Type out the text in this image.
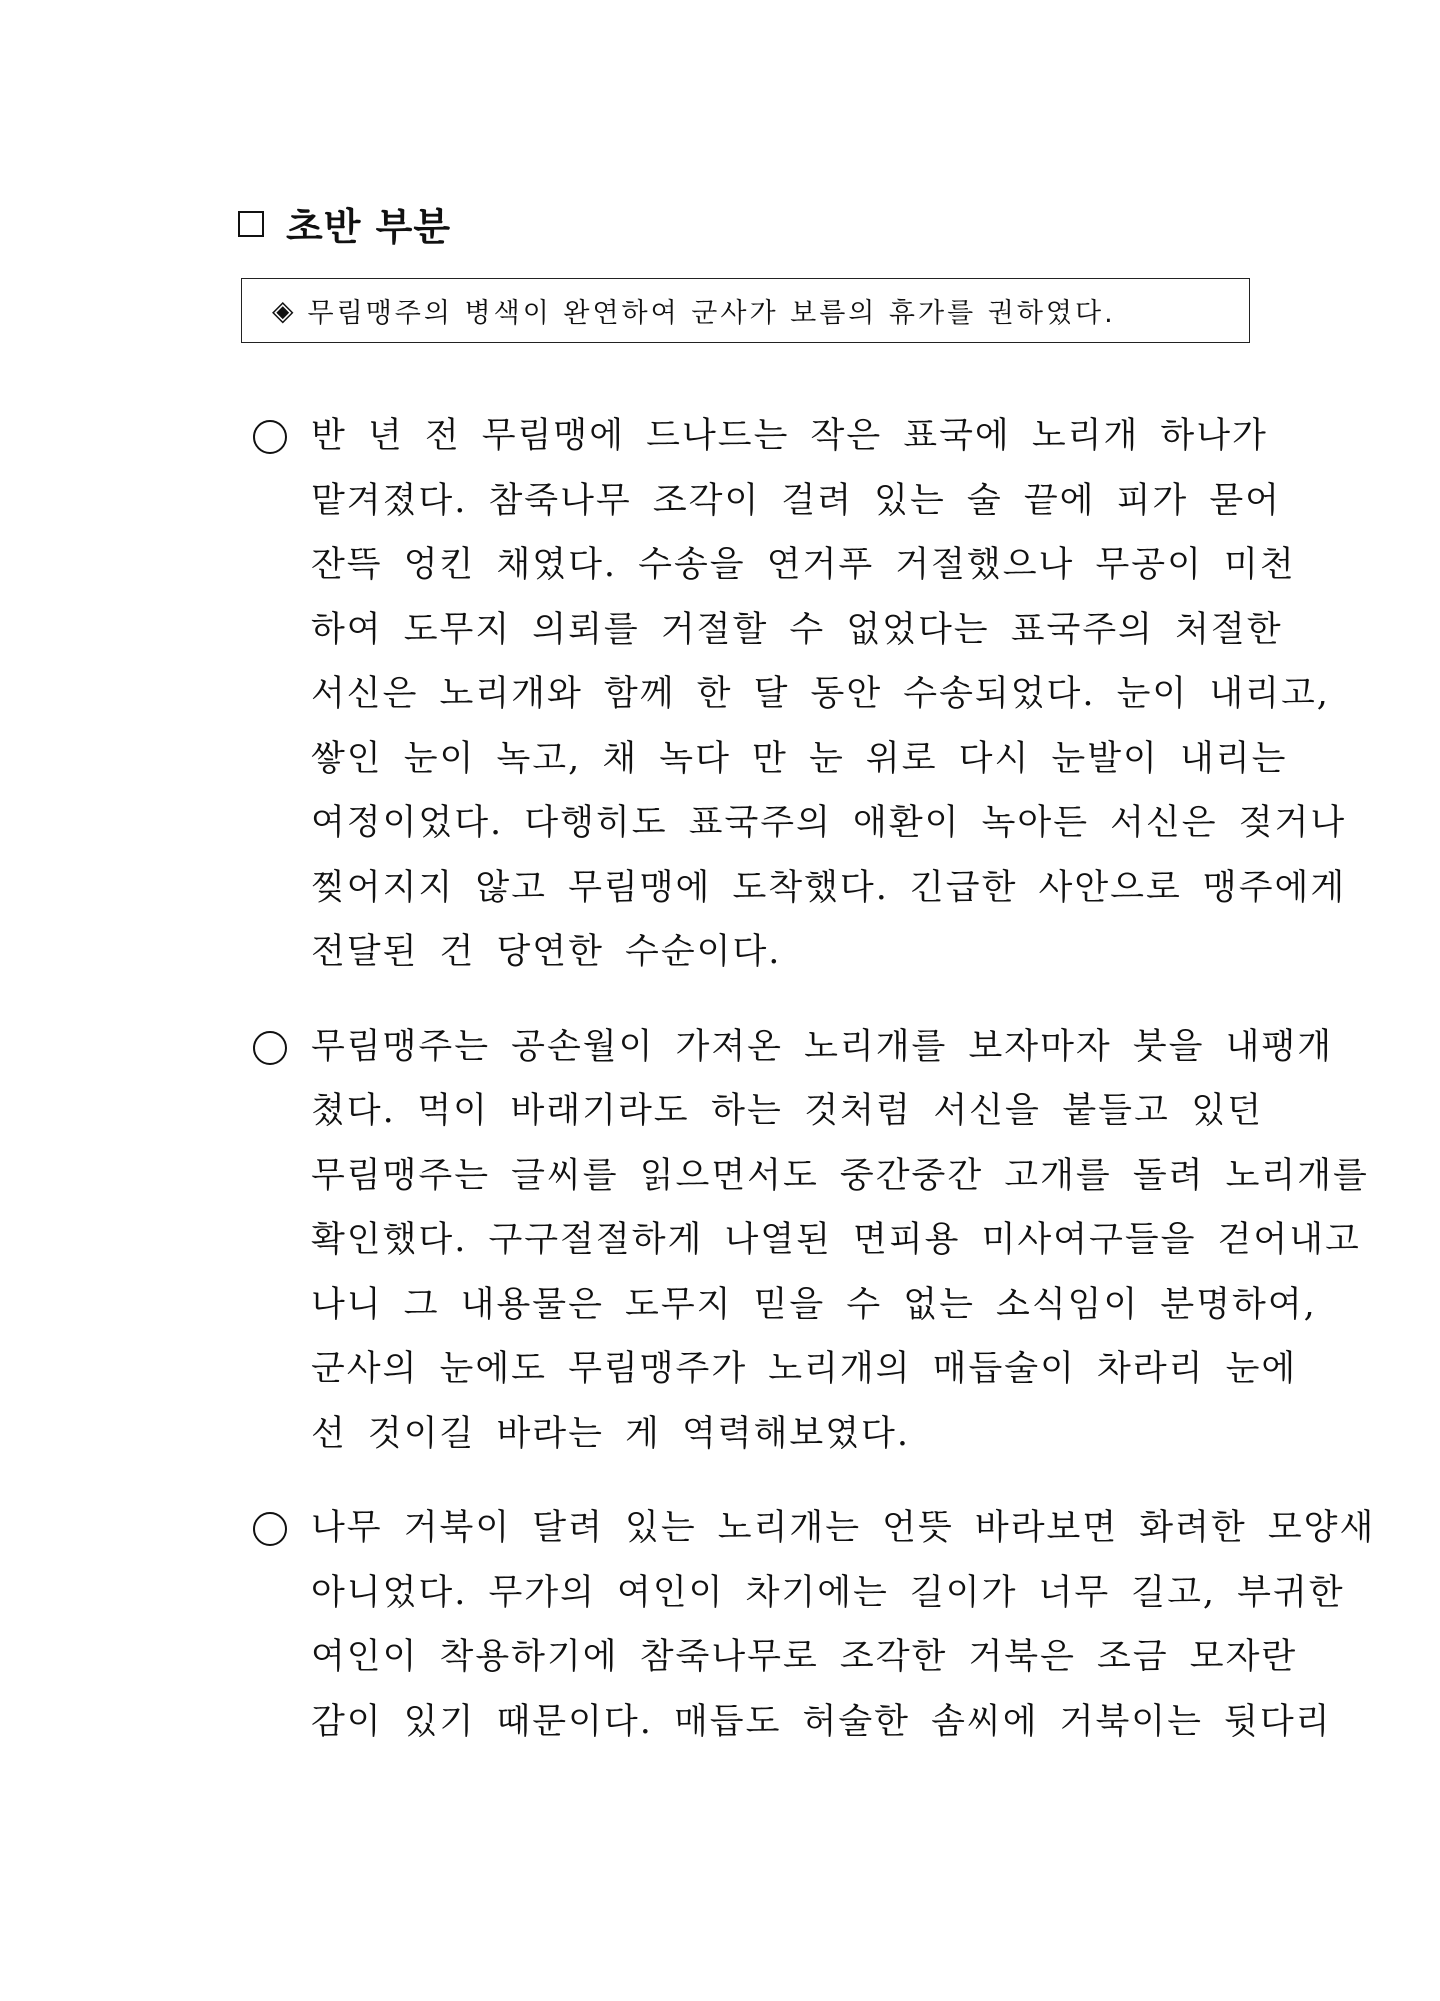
초반 부분
◈ 무림맹주의 병색이 완연하여 군사가 보름의 휴가를 권하였다.
반 년 전 무림맹에 드나드는 작은 표국에 노리개 하나가
맡겨졌다. 참죽나무 조각이 걸려 있는 술 끝에 피가 묻어
잔뜩 엉킨 채였다. 수송을 연거푸 거절했으나 무공이 미천
하여 도무지 의뢰를 거절할 수 없었다는 표국주의 처절한
서신은 노리개와 함께 한 달 동안 수송되었다. 눈이 내리고,
쌓인 눈이 녹고, 채 녹다 만 눈 위로 다시 눈발이 내리는
여정이었다. 다행히도 표국주의 애환이 녹아든 서신은 젖거나
찢어지지 않고 무림맹에 도착했다. 긴급한 사안으로 맹주에게
전달된 건 당연한 수순이다.
무림맹주는 공손월이 가져온 노리개를 보자마자 붓을 내팽개
쳤다. 먹이 바래기라도 하는 것처럼 서신을 붙들고 있던
무림맹주는 글씨를 읽으면서도 중간중간 고개를 돌려 노리개를
확인했다. 구구절절하게 나열된 면피용 미사여구들을 걷어내고
나니 그 내용물은 도무지 믿을 수 없는 소식임이 분명하여,
군사의 눈에도 무림맹주가 노리개의 매듭술이 차라리 눈에
선 것이길 바라는 게 역력해보였다.
나무 거북이 달려 있는 노리개는 언뜻 바라보면 화려한 모양새
아니었다. 무가의 여인이 차기에는 길이가 너무 길고, 부귀한
여인이 착용하기에 참죽나무로 조각한 거북은 조금 모자란
감이 있기 때문이다. 매듭도 허술한 솜씨에 거북이는 뒷다리
